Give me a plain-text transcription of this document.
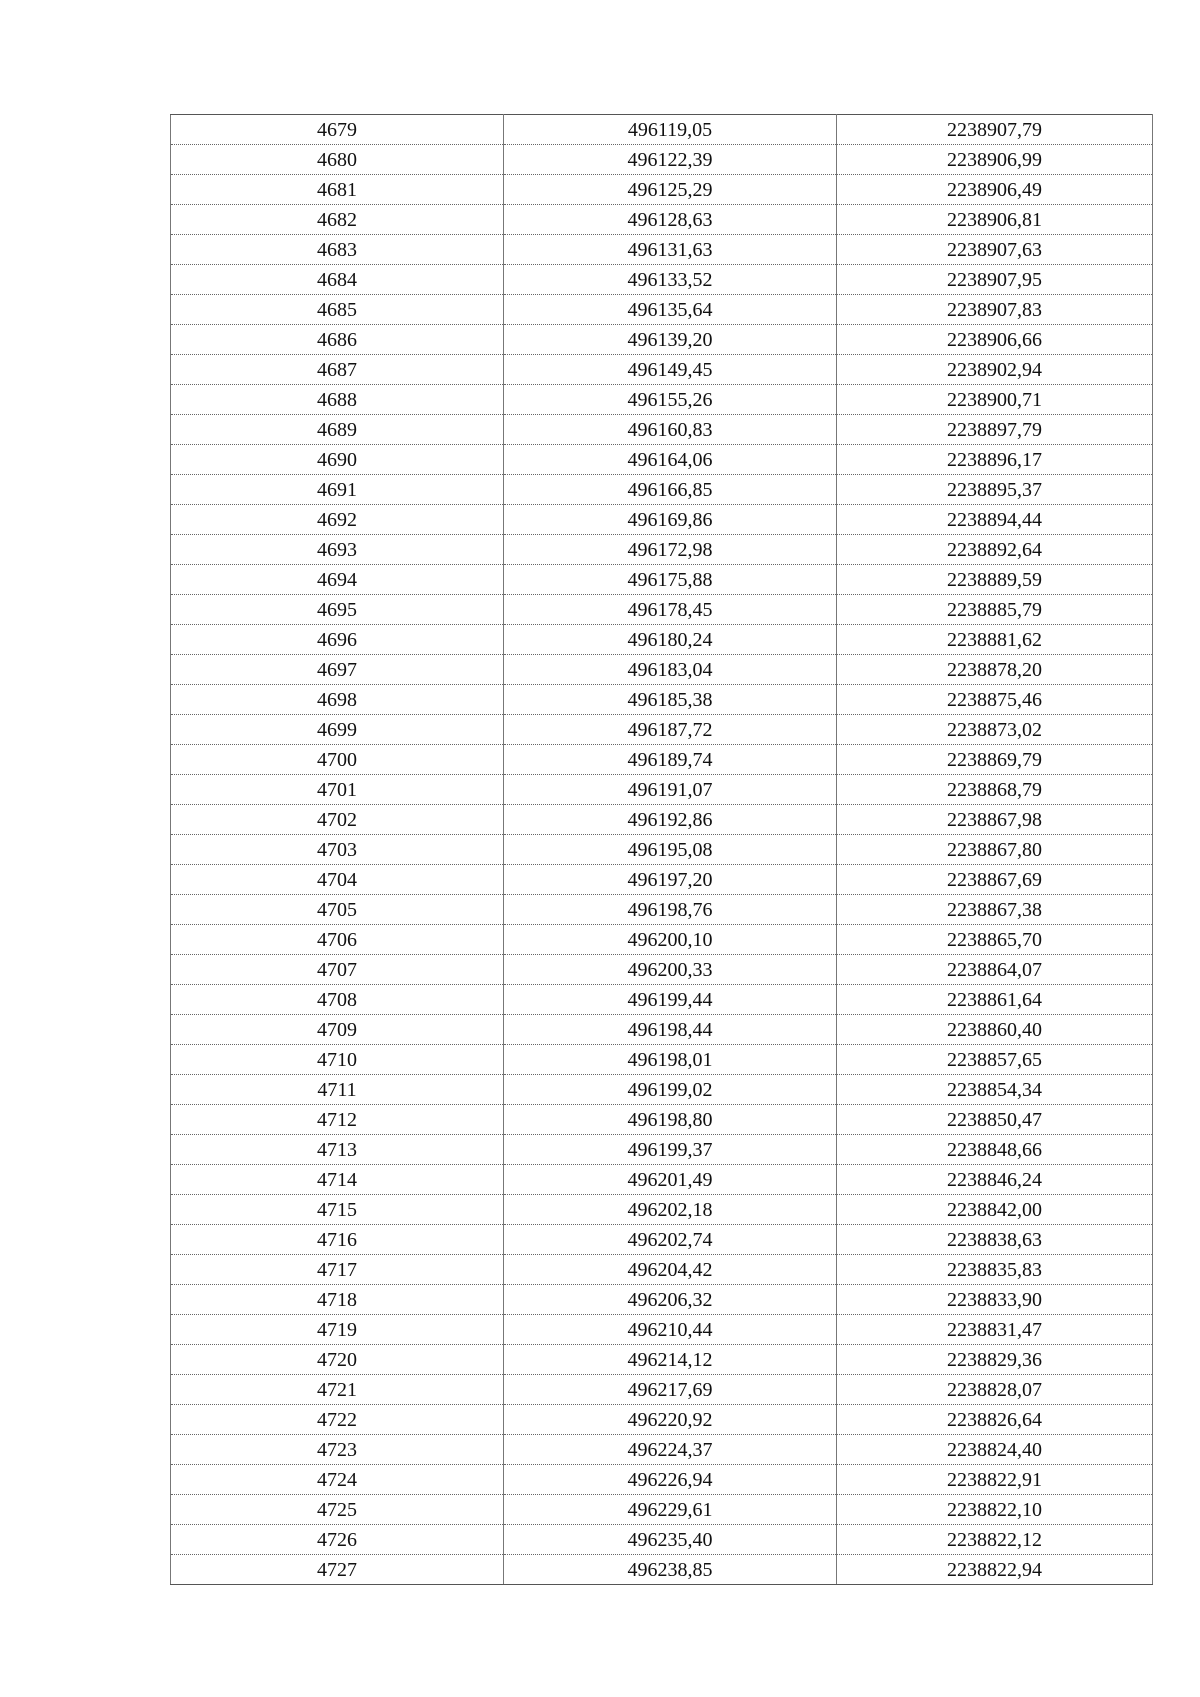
4679	496119,05	2238907,79
4680	496122,39	2238906,99
4681	496125,29	2238906,49
4682	496128,63	2238906,81
4683	496131,63	2238907,63
4684	496133,52	2238907,95
4685	496135,64	2238907,83
4686	496139,20	2238906,66
4687	496149,45	2238902,94
4688	496155,26	2238900,71
4689	496160,83	2238897,79
4690	496164,06	2238896,17
4691	496166,85	2238895,37
4692	496169,86	2238894,44
4693	496172,98	2238892,64
4694	496175,88	2238889,59
4695	496178,45	2238885,79
4696	496180,24	2238881,62
4697	496183,04	2238878,20
4698	496185,38	2238875,46
4699	496187,72	2238873,02
4700	496189,74	2238869,79
4701	496191,07	2238868,79
4702	496192,86	2238867,98
4703	496195,08	2238867,80
4704	496197,20	2238867,69
4705	496198,76	2238867,38
4706	496200,10	2238865,70
4707	496200,33	2238864,07
4708	496199,44	2238861,64
4709	496198,44	2238860,40
4710	496198,01	2238857,65
4711	496199,02	2238854,34
4712	496198,80	2238850,47
4713	496199,37	2238848,66
4714	496201,49	2238846,24
4715	496202,18	2238842,00
4716	496202,74	2238838,63
4717	496204,42	2238835,83
4718	496206,32	2238833,90
4719	496210,44	2238831,47
4720	496214,12	2238829,36
4721	496217,69	2238828,07
4722	496220,92	2238826,64
4723	496224,37	2238824,40
4724	496226,94	2238822,91
4725	496229,61	2238822,10
4726	496235,40	2238822,12
4727	496238,85	2238822,94
